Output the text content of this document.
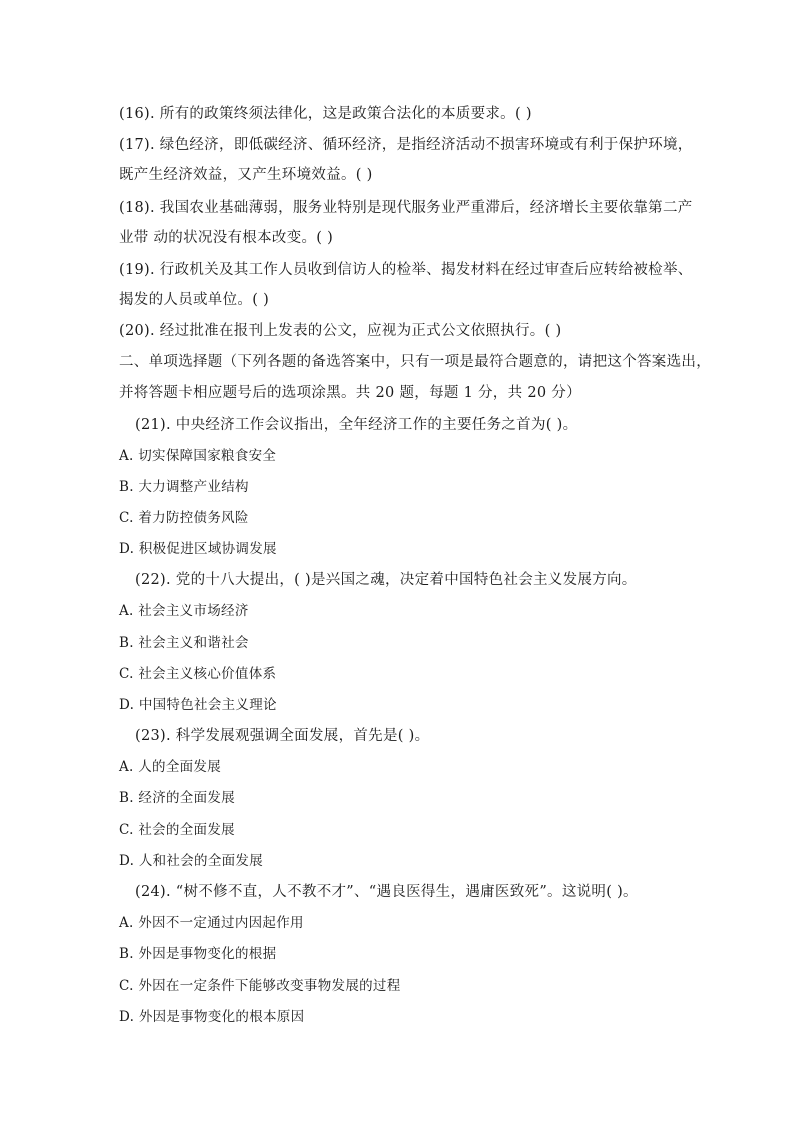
(16). 所有的政策终须法律化，这是政策合法化的本质要求。( )
(17). 绿色经济，即低碳经济、循环经济，是指经济活动不损害环境或有利于保护环境，
既产生经济效益，又产生环境效益。( )
(18). 我国农业基础薄弱，服务业特别是现代服务业严重滞后，经济增长主要依靠第二产
业带 动的状况没有根本改变。( )
(19). 行政机关及其工作人员收到信访人的检举、揭发材料在经过审查后应转给被检举、
揭发的人员或单位。( )
(20). 经过批准在报刊上发表的公文，应视为正式公文依照执行。( )
二、单项选择题（下列各题的备选答案中，只有一项是最符合题意的，请把这个答案选出，
并将答题卡相应题号后的选项涂黑。共 20 题，每题 1 分，共 20 分）
(21). 中央经济工作会议指出，全年经济工作的主要任务之首为( )。
A. 切实保障国家粮食安全
B. 大力调整产业结构
C. 着力防控债务风险
D. 积极促进区域协调发展
(22). 党的十八大提出，( )是兴国之魂，决定着中国特色社会主义发展方向。
A. 社会主义市场经济
B. 社会主义和谐社会
C. 社会主义核心价值体系
D. 中国特色社会主义理论
(23). 科学发展观强调全面发展，首先是( )。
A. 人的全面发展
B. 经济的全面发展
C. 社会的全面发展
D. 人和社会的全面发展
(24). “树不修不直，人不教不才”、“遇良医得生，遇庸医致死”。这说明( )。
A. 外因不一定通过内因起作用
B. 外因是事物变化的根据
C. 外因在一定条件下能够改变事物发展的过程
D. 外因是事物变化的根本原因
